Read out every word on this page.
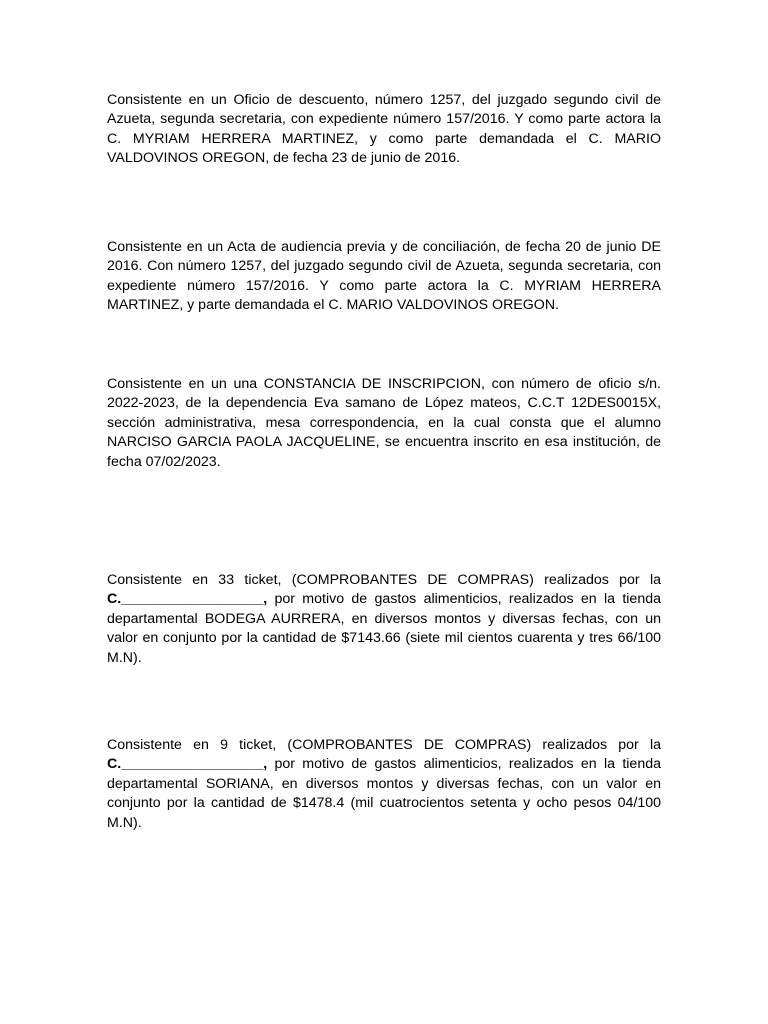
Consistente en un Oficio de descuento, número 1257, del juzgado segundo civil de Azueta, segunda secretaria, con expediente número 157/2016. Y como parte actora la C. MYRIAM HERRERA MARTINEZ, y como parte demandada el C. MARIO VALDOVINOS OREGON, de fecha 23 de junio de 2016.

Consistente en un Acta de audiencia previa y de conciliación, de fecha 20 de junio DE 2016. Con número 1257, del juzgado segundo civil de Azueta, segunda secretaria, con expediente número 157/2016. Y como parte actora la C. MYRIAM HERRERA MARTINEZ, y parte demandada el C. MARIO VALDOVINOS OREGON.

Consistente en un una CONSTANCIA DE INSCRIPCION, con número de oficio s/n. 2022-2023, de la dependencia Eva samano de López mateos, C.C.T 12DES0015X, sección administrativa, mesa correspondencia, en la cual consta que el alumno NARCISO GARCIA PAOLA JACQUELINE, se encuentra inscrito en esa institución, de fecha 07/02/2023.

Consistente en 33 ticket, (COMPROBANTES DE COMPRAS) realizados por la C.__________________, por motivo de gastos alimenticios, realizados en la tienda departamental BODEGA AURRERA, en diversos montos y diversas fechas, con un valor en conjunto por la cantidad de $7143.66 (siete mil cientos cuarenta y tres 66/100 M.N).

Consistente en 9 ticket, (COMPROBANTES DE COMPRAS) realizados por la C.__________________, por motivo de gastos alimenticios, realizados en la tienda departamental SORIANA, en diversos montos y diversas fechas, con un valor en conjunto por la cantidad de $1478.4 (mil cuatrocientos setenta y ocho pesos 04/100 M.N).
